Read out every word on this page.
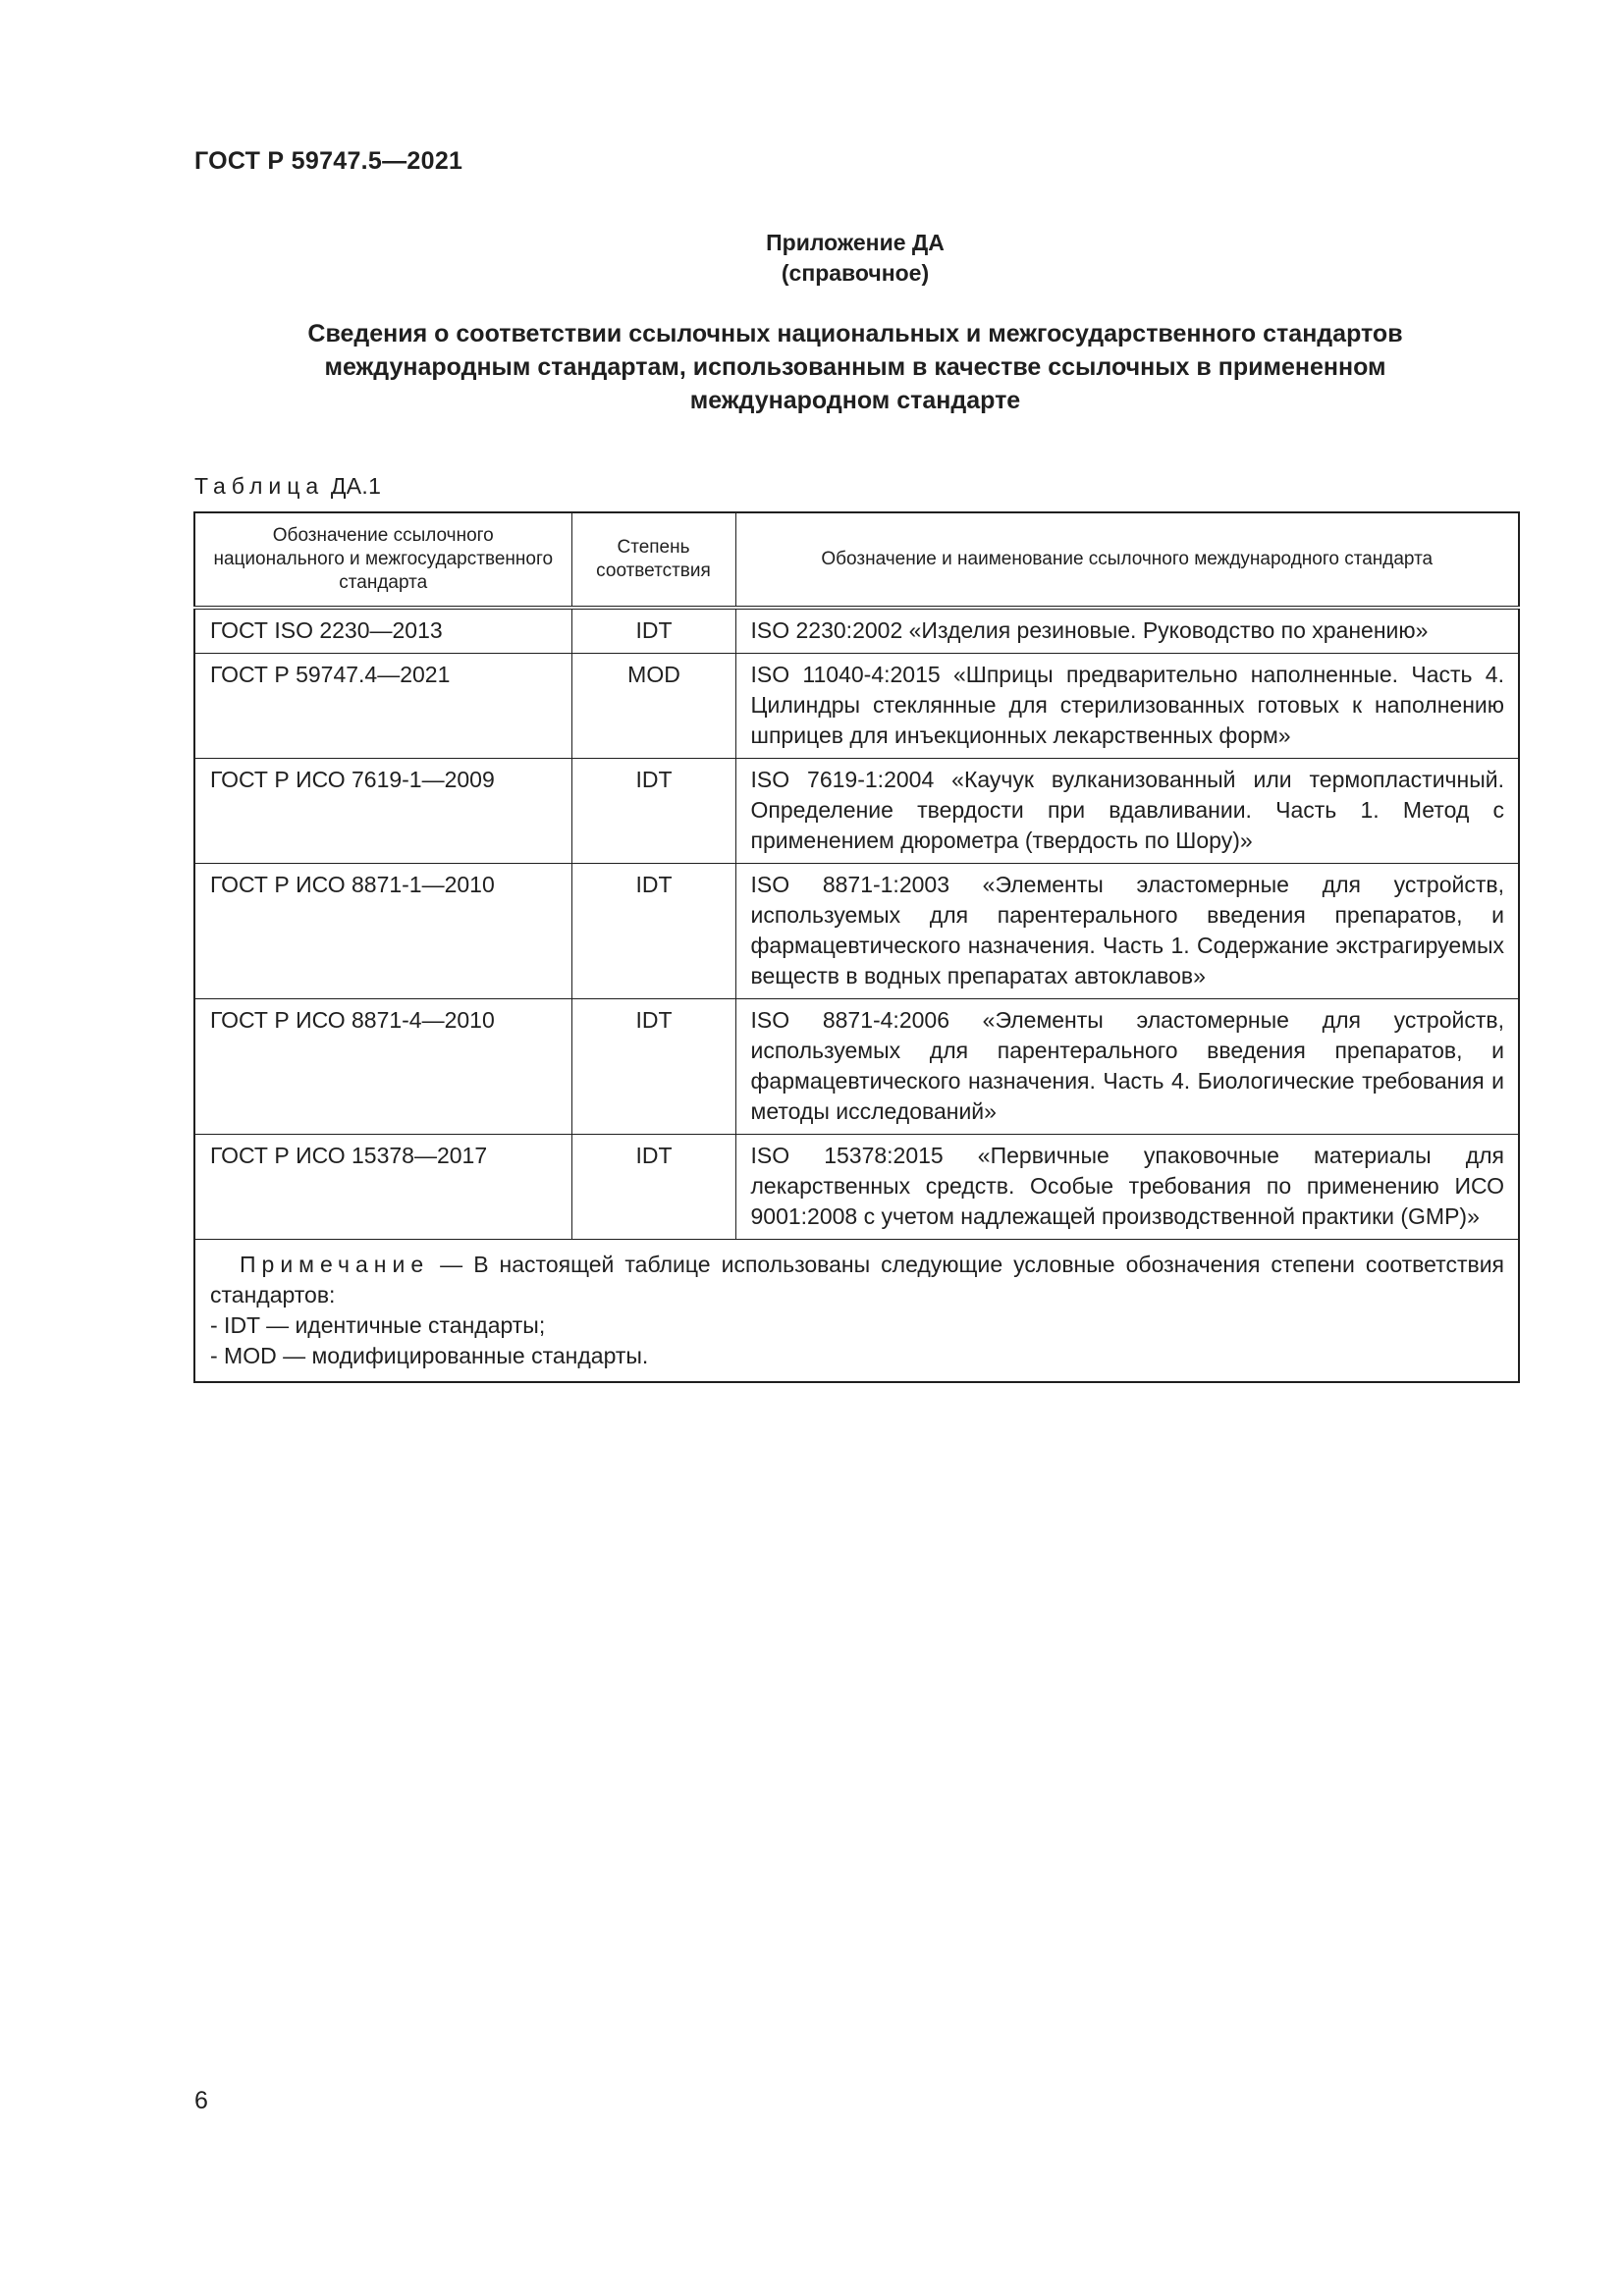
ГОСТ Р 59747.5—2021
Приложение ДА
(справочное)
Сведения о соответствии ссылочных национальных и межгосударственного стандартов
международным стандартам, использованным в качестве ссылочных в примененном
международном стандарте
Таблица ДА.1
Обозначение ссылочного национального и межгосударственного стандарта	Степень соответствия	Обозначение и наименование ссылочного международного стандарта
ГОСТ ISO 2230—2013	IDT	ISO 2230:2002 «Изделия резиновые. Руководство по хранению»
ГОСТ Р 59747.4—2021	MOD	ISO 11040-4:2015 «Шприцы предварительно наполненные. Часть 4. Цилиндры стеклянные для стерилизованных готовых к наполнению шприцев для инъекционных лекарственных форм»
ГОСТ Р ИСО 7619-1—2009	IDT	ISO 7619-1:2004 «Каучук вулканизованный или термопластичный. Определение твердости при вдавливании. Часть 1. Метод с применением дюрометра (твердость по Шору)»
ГОСТ Р ИСО 8871-1—2010	IDT	ISO 8871-1:2003 «Элементы эластомерные для устройств, используемых для парентерального введения препаратов, и фармацевтического назначения. Часть 1. Содержание экстрагируемых веществ в водных препаратах автоклавов»
ГОСТ Р ИСО 8871-4—2010	IDT	ISO 8871-4:2006 «Элементы эластомерные для устройств, используемых для парентерального введения препаратов, и фармацевтического назначения. Часть 4. Биологические требования и методы исследований»
ГОСТ Р ИСО 15378—2017	IDT	ISO 15378:2015 «Первичные упаковочные материалы для лекарственных средств. Особые требования по применению ИСО 9001:2008 с учетом надлежащей производственной практики (GMP)»

Примечание — В настоящей таблице использованы следующие условные обозначения степени соответствия стандартов:
- IDT — идентичные стандарты;
- MOD — модифицированные стандарты.		
6
